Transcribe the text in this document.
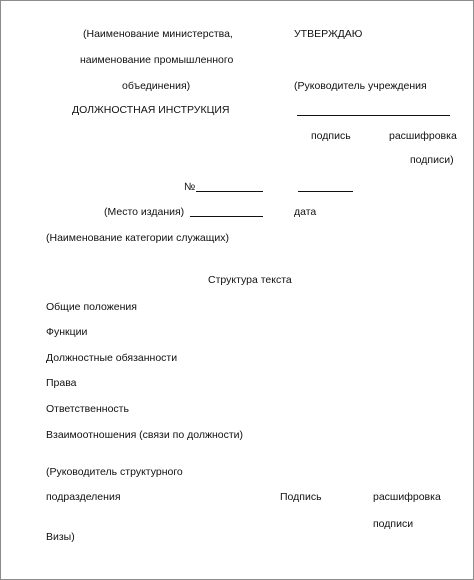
(Наименование министерства,
наименование промышленного
объединения)
УТВЕРЖДАЮ
(Руководитель учреждения
ДОЛЖНОСТНАЯ ИНСТРУКЦИЯ
подпись	расшифровка
подписи)
№
(Место издания)	дата
(Наименование категории служащих)
Структура текста
Общие положения
Функции
Должностные обязанности
Права
Ответственность
Взаимоотношения (связи по должности)
(Руководитель структурного
подразделения	Подпись	расшифровка
подписи
Визы)
